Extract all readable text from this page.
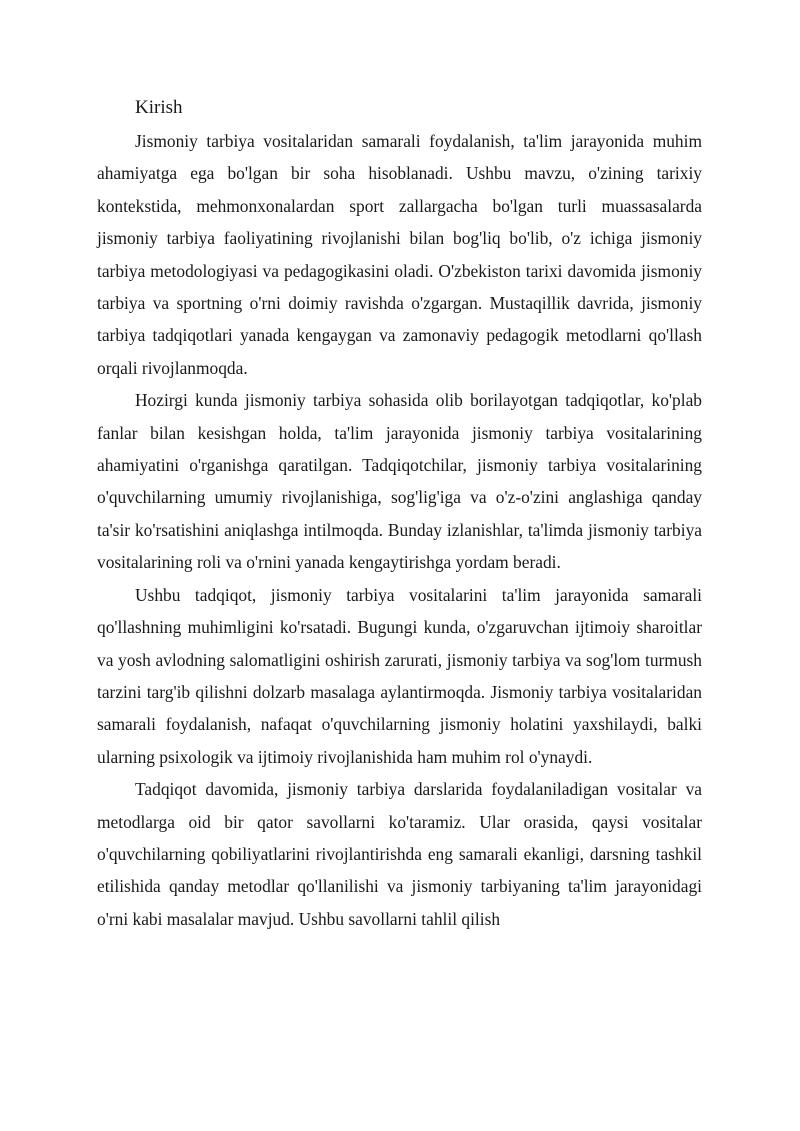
Kirish

Jismoniy tarbiya vositalaridan samarali foydalanish, ta'lim jarayonida muhim ahamiyatga ega bo'lgan bir soha hisoblanadi. Ushbu mavzu, o'zining tarixiy kontekstida, mehmonxonalardan sport zallargacha bo'lgan turli muassasalarda jismoniy tarbiya faoliyatining rivojlanishi bilan bog'liq bo'lib, o'z ichiga jismoniy tarbiya metodologiyasi va pedagogikasini oladi. O'zbekiston tarixi davomida jismoniy tarbiya va sportning o'rni doimiy ravishda o'zgargan. Mustaqillik davrida, jismoniy tarbiya tadqiqotlari yanada kengaygan va zamonaviy pedagogik metodlarni qo'llash orqali rivojlanmoqda.

Hozirgi kunda jismoniy tarbiya sohasida olib borilayotgan tadqiqotlar, ko'plab fanlar bilan kesishgan holda, ta'lim jarayonida jismoniy tarbiya vositalarining ahamiyatini o'rganishga qaratilgan. Tadqiqotchilar, jismoniy tarbiya vositalarining o'quvchilarning umumiy rivojlanishiga, sog'lig'iga va o'z-o'zini anglashiga qanday ta'sir ko'rsatishini aniqlashga intilmoqda. Bunday izlanishlar, ta'limda jismoniy tarbiya vositalarining roli va o'rnini yanada kengaytirishga yordam beradi.

Ushbu tadqiqot, jismoniy tarbiya vositalarini ta'lim jarayonida samarali qo'llashning muhimligini ko'rsatadi. Bugungi kunda, o'zgaruvchan ijtimoiy sharoitlar va yosh avlodning salomatligini oshirish zarurati, jismoniy tarbiya va sog'lom turmush tarzini targ'ib qilishni dolzarb masalaga aylantirmoqda. Jismoniy tarbiya vositalaridan samarali foydalanish, nafaqat o'quvchilarning jismoniy holatini yaxshilaydi, balki ularning psixologik va ijtimoiy rivojlanishida ham muhim rol o'ynaydi.

Tadqiqot davomida, jismoniy tarbiya darslarida foydalaniladigan vositalar va metodlarga oid bir qator savollarni ko'taramiz. Ular orasida, qaysi vositalar o'quvchilarning qobiliyatlarini rivojlantirishda eng samarali ekanligi, darsning tashkil etilishida qanday metodlar qo'llanilishi va jismoniy tarbiyaning ta'lim jarayonidagi o'rni kabi masalalar mavjud. Ushbu savollarni tahlil qilish
